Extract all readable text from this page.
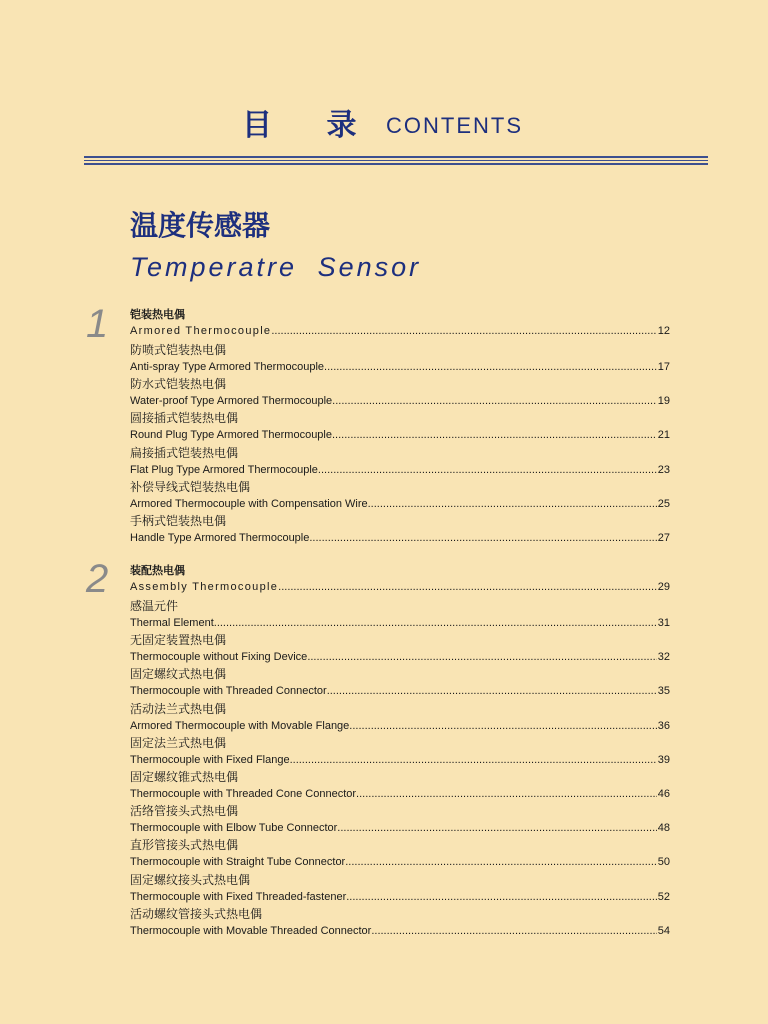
目 录 CONTENTS
温度传感器
Temperatre Sensor
1 铠装热电偶
Armored Thermocouple .....	12
防喷式铠装热电偶
Anti-spray Type Armored Thermocouple .....	17
防水式铠装热电偶
Water-proof Type Armored Thermocouple .....	19
圆接插式铠装热电偶
Round Plug Type Armored Thermocouple .....	21
扁接插式铠装热电偶
Flat Plug Type Armored Thermocouple .....	23
补偿导线式铠装热电偶
Armored Thermocouple with Compensation Wire .....	25
手柄式铠装热电偶
Handle Type Armored Thermocouple .....	27
2 装配热电偶
Assembly Thermocouple .....	29
感温元件
Thermal Element .....	31
无固定装置热电偶
Thermocouple without Fixing Device .....	32
固定螺纹式热电偶
Thermocouple with Threaded Connector .....	35
活动法兰式热电偶
Armored Thermocouple with Movable Flange .....	36
固定法兰式热电偶
Thermocouple with Fixed Flange .....	39
固定螺纹锥式热电偶
Thermocouple with Threaded Cone Connector .....	46
活络管接头式热电偶
Thermocouple with Elbow Tube Connector .....	48
直形管接头式热电偶
Thermocouple with Straight Tube Connector .....	50
固定螺纹接头式热电偶
Thermocouple with Fixed Threaded-fastener .....	52
活动螺纹管接头式热电偶
Thermocouple with Movable Threaded Connector .....	54
